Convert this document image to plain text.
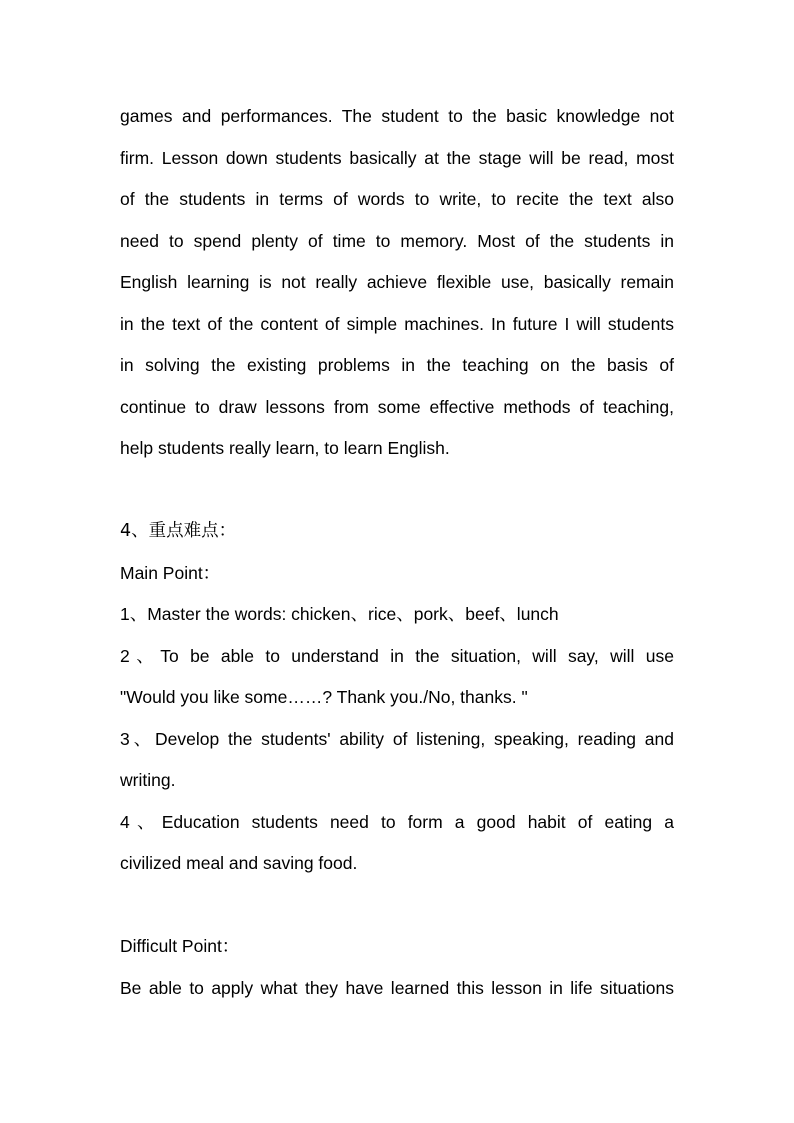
games and performances. The student to the basic knowledge not
firm. Lesson down students basically at the stage will be read, most
of the students in terms of words to write, to recite the text also
need to spend plenty of time to memory. Most of the students in
English learning is not really achieve flexible use, basically remain
in the text of the content of simple machines. In future I will students
in solving the existing problems in the teaching on the basis of
continue to draw lessons from some effective methods of teaching,
help students really learn, to learn English.
4、重点难点：
Main Point：
1、Master the words: chicken、rice、pork、beef、lunch
2、To be able to understand in the situation, will say, will use
"Would you like some……? Thank you./No, thanks. "
3、Develop the students' ability of listening, speaking, reading and
writing.
4、Education students need to form a good habit of eating a
civilized meal and saving food.
Difficult Point：
Be able to apply what they have learned this lesson in life situations
